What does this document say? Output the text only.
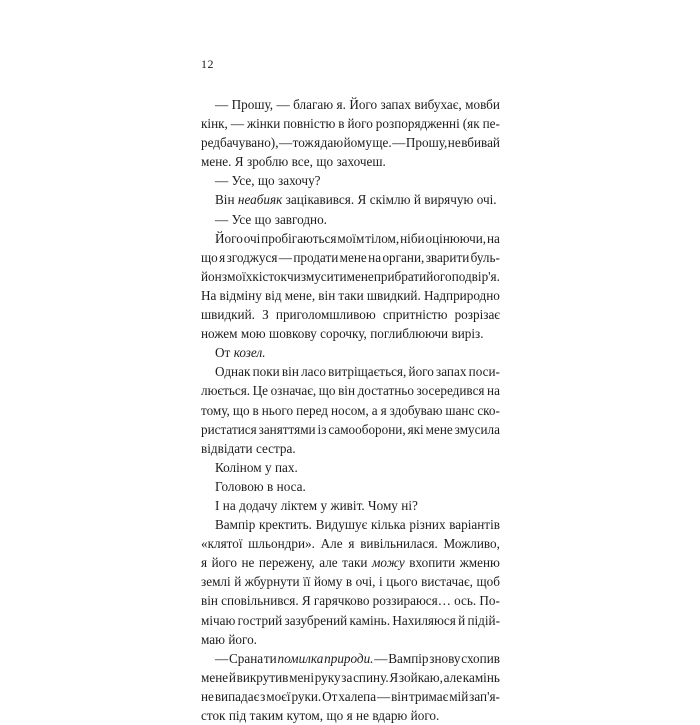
12
— Прошу, — благаю я. Його запах вибухає, мовби
кінк, — жінки повністю в його розпорядженні (як пе-
редбачувано), — тож я даю йому ще. — Прошу, не вбивай
мене. Я зроблю все, що захочеш.
— Усе, що захочу?
Він неабияк зацікавився. Я скімлю й вирячую очі.
— Усе що завгодно.
Його очі пробігаються моїм тілом, ніби оцінюючи, на
що я згоджуся — продати мене на органи, зварити буль-
йон з моїх кісток чи змусити мене прибрати його подвір'я.
На відміну від мене, він таки швидкий. Надприродно
швидкий. З приголомшливою спритністю розрізає
ножем мою шовкову сорочку, поглиблюючи виріз.
От козел.
Однак поки він ласо витріщається, його запах поси-
люється. Це означає, що він достатньо зосередився на
тому, що в нього перед носом, а я здобуваю шанс ско-
ристатися заняттями із самооборони, які мене змусила
відвідати сестра.
Коліном у пах.
Головою в носа.
І на додачу ліктем у живіт. Чому ні?
Вампір кректить. Видушує кілька різних варіантів
«клятої шльондри». Але я вивільнилася. Можливо,
я його не пережену, але таки можу вхопити жменю
землі й жбурнути її йому в очі, і цього вистачає, щоб
він сповільнився. Я гарячково роззираюся… ось. По-
мічаю гострий зазубрений камінь. Нахиляюся й підій-
маю його.
— Срана ти помилка природи. — Вампір знову схопив
мене й викрутив мені руку за спину. Я зойкаю, але камінь
не випадає з моєї руки. От халепа — він тримає мій зап'я-
сток під таким кутом, що я не вдарю його.
